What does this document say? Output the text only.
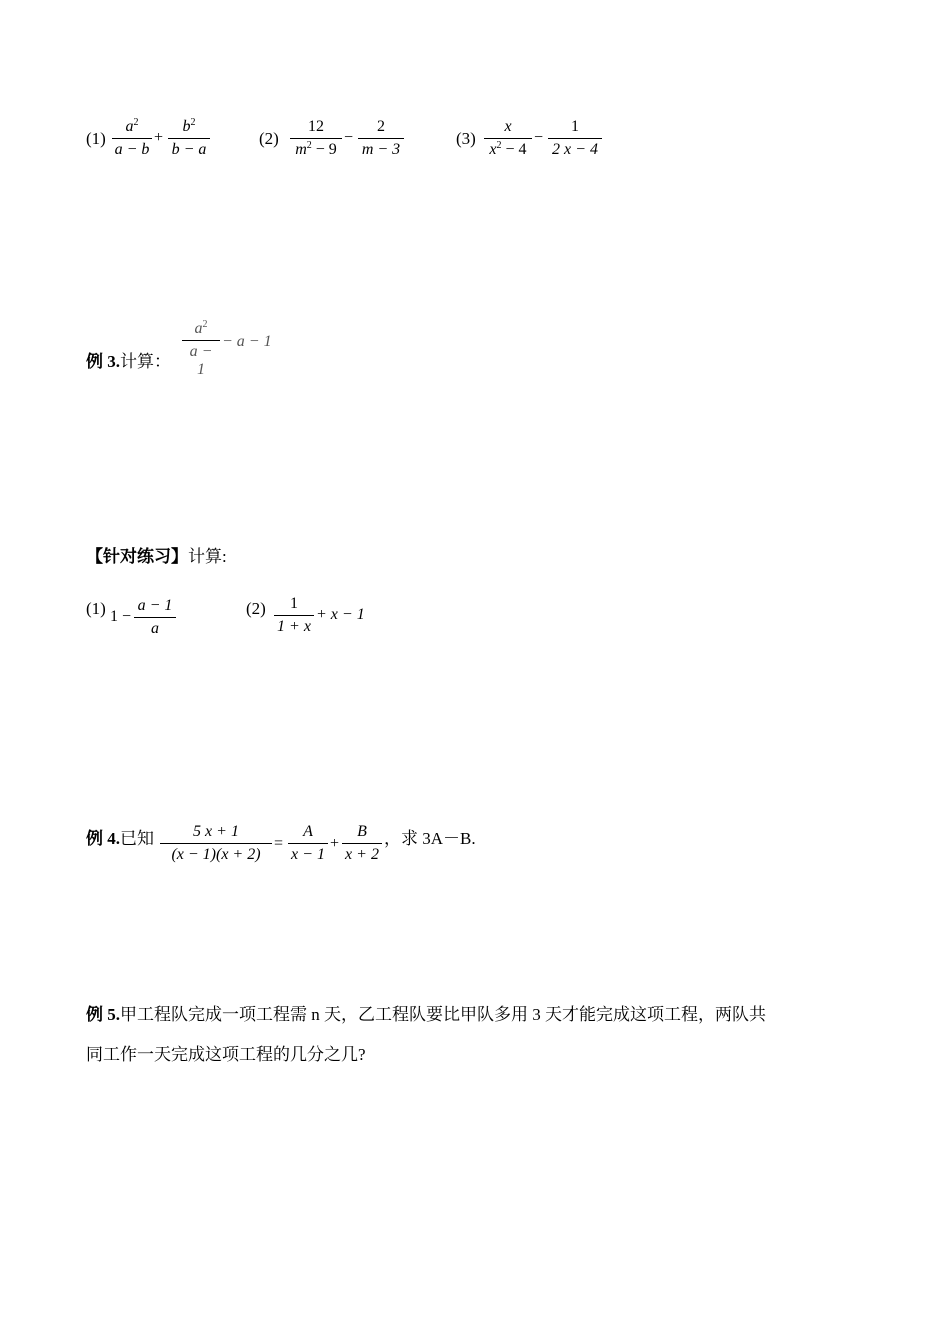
(1)
$a^2$
a − b
+
$b^2$
b − a
(2)
12
$m^2 - 9$
−
2
m − 3
(3)
x
$x^2 - 4$
−
1
2 x − 4
例 3.计算：
$a^2$
a − 1
− a − 1
【针对练习】计算:
(1) 1 −
a − 1
a
(2)	1
1 + x
+ x − 1
例 4.已知	5 x + 1
(x − 1)(x + 2)
=
A
x − 1
+
B
x + 2
，求 3A－B.
例 5.甲工程队完成一项工程需 n 天，乙工程队要比甲队多用 3 天才能完成这项工程，两队共
同工作一天完成这项工程的几分之几?
